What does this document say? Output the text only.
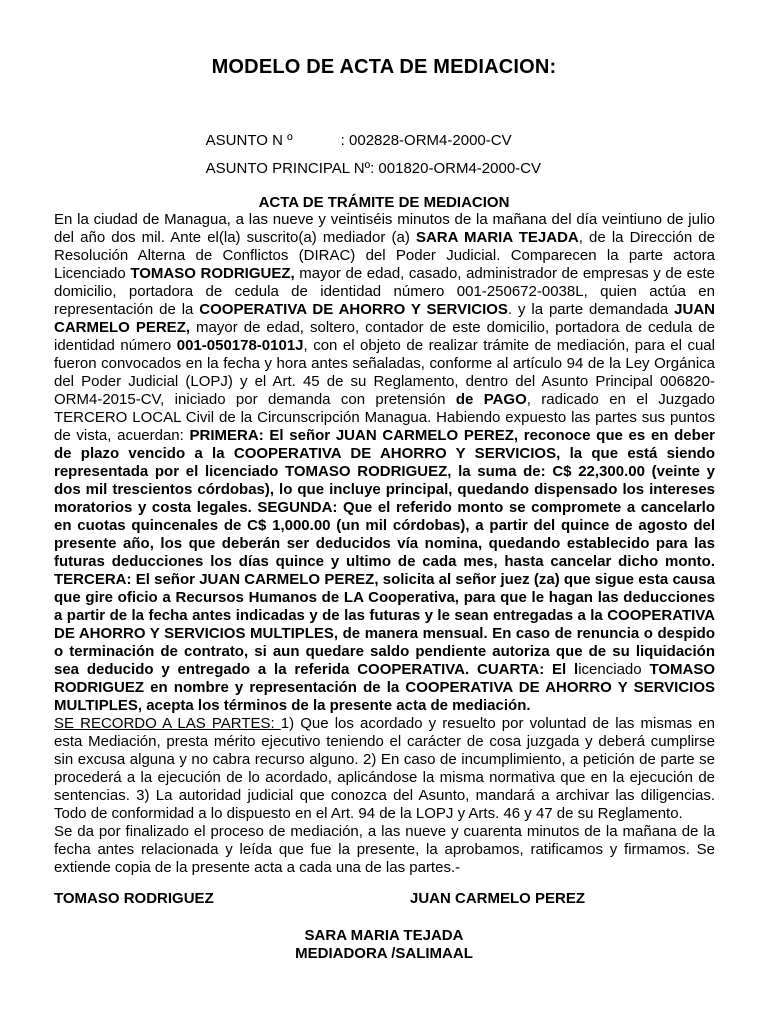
MODELO DE ACTA DE MEDIACION:

ASUNTO N º	: 002828-ORM4-2000-CV

ASUNTO PRINCIPAL Nº: 001820-ORM4-2000-CV

ACTA DE TRÁMITE DE MEDIACION

En la ciudad de Managua, a las nueve y veintiséis minutos de la mañana del día veintiuno de julio del año dos mil. Ante el(la) suscrito(a) mediador (a) SARA MARIA TEJADA, de la Dirección de Resolución Alterna de Conflictos (DIRAC) del Poder Judicial. Comparecen la parte actora Licenciado TOMASO RODRIGUEZ, mayor de edad, casado, administrador de empresas y de este domicilio, portadora de cedula de identidad número 001-250672-0038L, quien actúa en representación de la COOPERATIVA DE AHORRO Y SERVICIOS. y la parte demandada JUAN CARMELO PEREZ, mayor de edad, soltero, contador de este domicilio, portadora de cedula de identidad número 001-050178-0101J, con el objeto de realizar trámite de mediación, para el cual fueron convocados en la fecha y hora antes señaladas, conforme al artículo 94 de la Ley Orgánica del Poder Judicial (LOPJ) y el Art. 45 de su Reglamento, dentro del Asunto Principal 006820-ORM4-2015-CV, iniciado por demanda con pretensión de PAGO, radicado en el Juzgado TERCERO LOCAL Civil de la Circunscripción Managua. Habiendo expuesto las partes sus puntos de vista, acuerdan: PRIMERA: El señor JUAN CARMELO PEREZ, reconoce que es en deber de plazo vencido a la COOPERATIVA DE AHORRO Y SERVICIOS, la que está siendo representada por el licenciado TOMASO RODRIGUEZ, la suma de: C$ 22,300.00 (veinte y dos mil trescientos córdobas), lo que incluye principal, quedando dispensado los intereses moratorios y costa legales. SEGUNDA: Que el referido monto se compromete a cancelarlo en cuotas quincenales de C$ 1,000.00 (un mil córdobas), a partir del quince de agosto del presente año, los que deberán ser deducidos vía nomina, quedando establecido para las futuras deducciones los días quince y ultimo de cada mes, hasta cancelar dicho monto. TERCERA: El señor JUAN CARMELO PEREZ, solicita al señor juez (za) que sigue esta causa que gire oficio a Recursos Humanos de LA Cooperativa, para que le hagan las deducciones a partir de la fecha antes indicadas y de las futuras y le sean entregadas a la COOPERATIVA DE AHORRO Y SERVICIOS MULTIPLES, de manera mensual. En caso de renuncia o despido o terminación de contrato, si aun quedare saldo pendiente autoriza que de su liquidación sea deducido y entregado a la referida COOPERATIVA. CUARTA: El licenciado TOMASO RODRIGUEZ en nombre y representación de la COOPERATIVA DE AHORRO Y SERVICIOS MULTIPLES, acepta los términos de la presente acta de mediación.
SE RECORDO A LAS PARTES: 1) Que los acordado y resuelto por voluntad de las mismas en esta Mediación, presta mérito ejecutivo teniendo el carácter de cosa juzgada y deberá cumplirse sin excusa alguna y no cabra recurso alguno. 2) En caso de incumplimiento, a petición de parte se procederá a la ejecución de lo acordado, aplicándose la misma normativa que en la ejecución de sentencias. 3) La autoridad judicial que conozca del Asunto, mandará a archivar las diligencias. Todo de conformidad a lo dispuesto en el Art. 94 de la LOPJ y Arts. 46 y 47 de su Reglamento.

Se da por finalizado el proceso de mediación, a las nueve y cuarenta minutos de la mañana de la fecha antes relacionada y leída que fue la presente, la aprobamos, ratificamos y firmamos. Se extiende copia de la presente acta a cada una de las partes.-

TOMASO RODRIGUEZ	JUAN CARMELO PEREZ
SARA MARIA TEJADA
MEDIADORA /SALIMAAL
